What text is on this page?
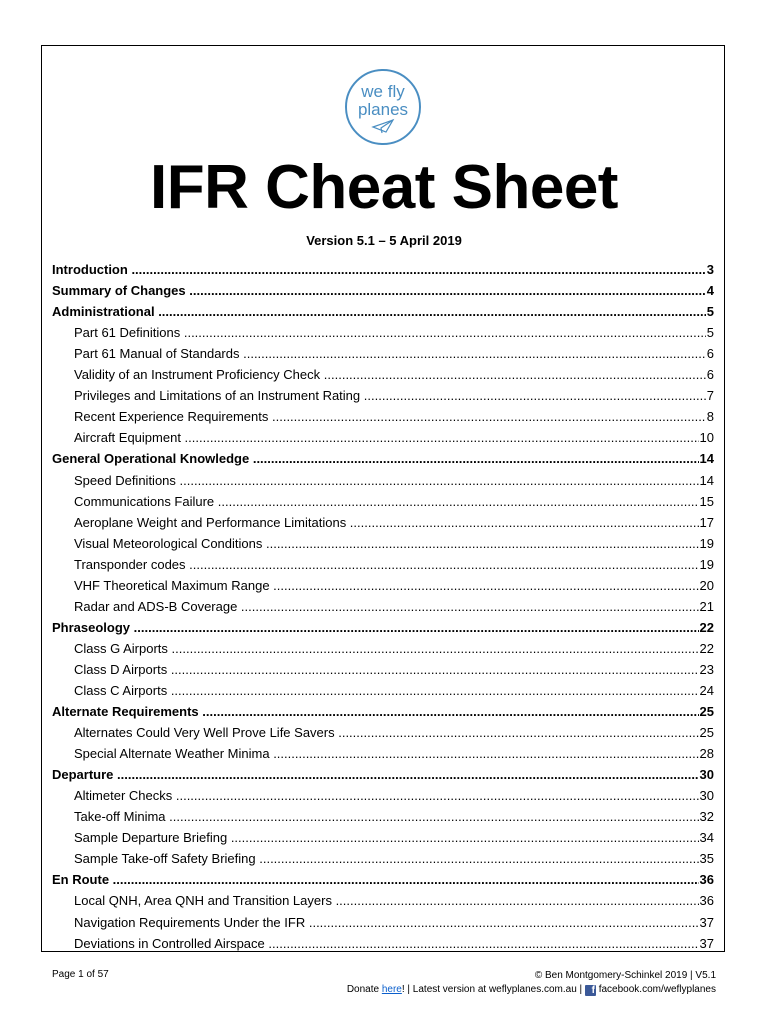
we fly
planes
IFR Cheat Sheet
Version 5.1 – 5 April 2019
Introduction .....	3
Summary of Changes .....	4
Administrational .....	5
Part 61 Definitions .....	5
Part 61 Manual of Standards .....	6
Validity of an Instrument Proficiency Check .....	6
Privileges and Limitations of an Instrument Rating .....	7
Recent Experience Requirements .....	8
Aircraft Equipment .....	10
General Operational Knowledge .....	14
Speed Definitions .....	14
Communications Failure .....	15
Aeroplane Weight and Performance Limitations .....	17
Visual Meteorological Conditions .....	19
Transponder codes .....	19
VHF Theoretical Maximum Range .....	20
Radar and ADS-B Coverage .....	21
Phraseology .....	22
Class G Airports .....	22
Class D Airports .....	23
Class C Airports .....	24
Alternate Requirements .....	25
Alternates Could Very Well Prove Life Savers .....	25
Special Alternate Weather Minima .....	28
Departure .....	30
Altimeter Checks .....	30
Take-off Minima .....	32
Sample Departure Briefing .....	34
Sample Take-off Safety Briefing .....	35
En Route .....	36
Local QNH, Area QNH and Transition Layers .....	36
Navigation Requirements Under the IFR .....	37
Deviations in Controlled Airspace .....	37
Page 1 of 57	© Ben Montgomery-Schinkel 2019 | V5.1
Donate here! | Latest version at weflyplanes.com.au | f facebook.com/weflyplanes
